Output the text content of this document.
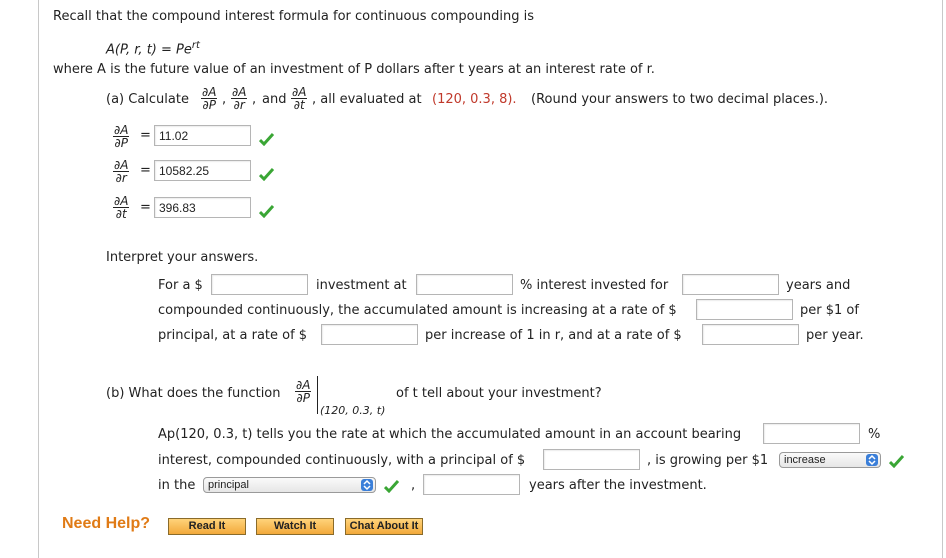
Recall that the compound interest formula for continuous compounding is
A(P, r, $t) = Pe^{rt}$
where A is the future value of an investment of P dollars after t years at an interest rate of r.
(a) Calculate $\frac{\partial A}{\partial P}$ , $\frac{\partial A}{\partial r}$ , and $\frac{\partial A}{\partial t}$ , all evaluated at (120, 0.3, 8). (Round your answers to two decimal places.).
$\frac{\partial A}{\partial P} = 11.02$
$\frac{\partial A}{\partial r} = 10582.25$
$\frac{\partial A}{\partial t} = 396.83$
Interpret your answers.
For a $	investment at	% interest invested for	years and
compounded continuously, the accumulated amount is increasing at a rate of $	per $1 of
principal, at a rate of $	per increase of 1 in r, and at a rate of $	per year.
(b) What does the function $\frac{\partial A}{\partial P}$
(120, 0.3, t)
of t tell about your investment?
Ap(120, 0.3, t) tells you the rate at which the accumulated amount in an account bearing	%
interest, compounded continuously, with a principal of $	, is growing per $1	increase
in the	principal	,	years after the investment.
Need Help?	Read It	Watch It	Chat About It
